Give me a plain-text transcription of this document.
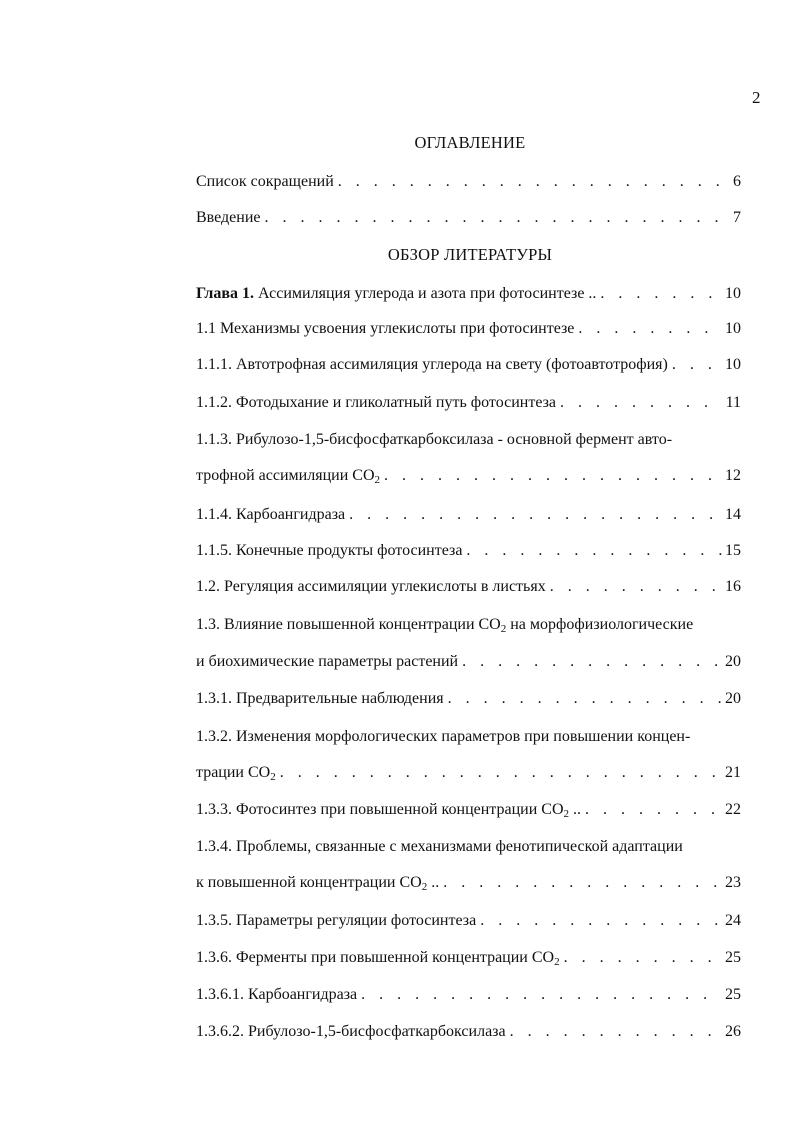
2
ОГЛАВЛЕНИЕ
Список сокращений . . .	6
Введение . . .	7
ОБЗОР ЛИТЕРАТУРЫ
Глава 1. Ассимиляция углерода и азота при фотосинтезе .. . . .	10
1.1 Механизмы усвоения углекислоты при фотосинтезе . . .	10
1.1.1. Автотрофная ассимиляция углерода на свету (фотоавтотрофия) . . .	10
1.1.2. Фотодыхание и гликолатный путь фотосинтеза . . .	11
1.1.3. Рибулозо-1,5-бисфосфаткарбоксилаза - основной фермент авто-
трофной ассимиляции $СО_2$ . . .	12
1.1.4. Карбоангидраза . . .	14
1.1.5. Конечные продукты фотосинтеза . . .	15
1.2. Регуляция ассимиляции углекислоты в листьях . . .	16
1.3. Влияние повышенной концентрации $СО_2$ на морфофизиологические
и биохимические параметры растений . . .	20
1.3.1. Предварительные наблюдения . . .	20
1.3.2. Изменения морфологических параметров при повышении концен-
трации $СО_2$ . . .	21
1.3.3. Фотосинтез при повышенной концентрации $СО_2$ .. . . .	22
1.3.4. Проблемы, связанные с механизмами фенотипической адаптации
к повышенной концентрации $СО_2$ .. . . .	23
1.3.5. Параметры регуляции фотосинтеза . . .	24
1.3.6. Ферменты при повышенной концентрации $СО_2$ . . .	25
1.3.6.1. Карбоангидраза . . .	25
1.3.6.2. Рибулозо-1,5-бисфосфаткарбоксилаза . . .	26
